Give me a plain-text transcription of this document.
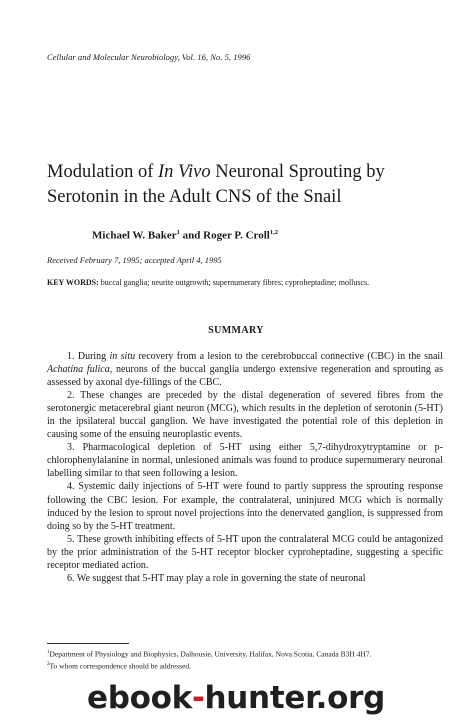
Cellular and Molecular Neurobiology, Vol. 16, No. 5, 1996
Modulation of In Vivo Neuronal Sprouting by Serotonin in the Adult CNS of the Snail
Michael W. Baker$^1$ and Roger P. Croll$^{1,2}$
Received February 7, 1995; accepted April 4, 1995
KEY WORDS: buccal ganglia; neurite outgrowth; supernumerary fibres; cyproheptadine; molluscs.
SUMMARY

1. During in situ recovery from a lesion to the cerebrobuccal connective (CBC) in the snail Achatina fulica, neurons of the buccal ganglia undergo extensive regeneration and sprouting as assessed by axonal dye-fillings of the CBC.

2. These changes are preceded by the distal degeneration of severed fibres from the serotonergic metacerebral giant neuron (MCG), which results in the depletion of serotonin (5-HT) in the ipsilateral buccal ganglion. We have investigated the potential role of this depletion in causing some of the ensuing neuroplastic events.

3. Pharmacological depletion of 5-HT using either 5,7-dihydroxytryptamine or p-chlorophenylalanine in normal, unlesioned animals was found to produce supernumerary neuronal labelling similar to that seen following a lesion.

4. Systemic daily injections of 5-HT were found to partly suppress the sprouting response following the CBC lesion. For example, the contralateral, uninjured MCG which is normally induced by the lesion to sprout novel projections into the denervated ganglion, is suppressed from doing so by the 5-HT treatment.

5. These growth inhibiting effects of 5-HT upon the contralateral MCG could be antagonized by the prior administration of the 5-HT receptor blocker cyproheptadine, suggesting a specific receptor mediated action.

6. We suggest that 5-HT may play a role in governing the state of neuronal

$^1$Department of Physiology and Biophysics, Dalhousie, University, Halifax, Nova Scotia, Canada B3H 4H7.

$^2$To whom correspondence should be addressed.

ebook-hunter.org
